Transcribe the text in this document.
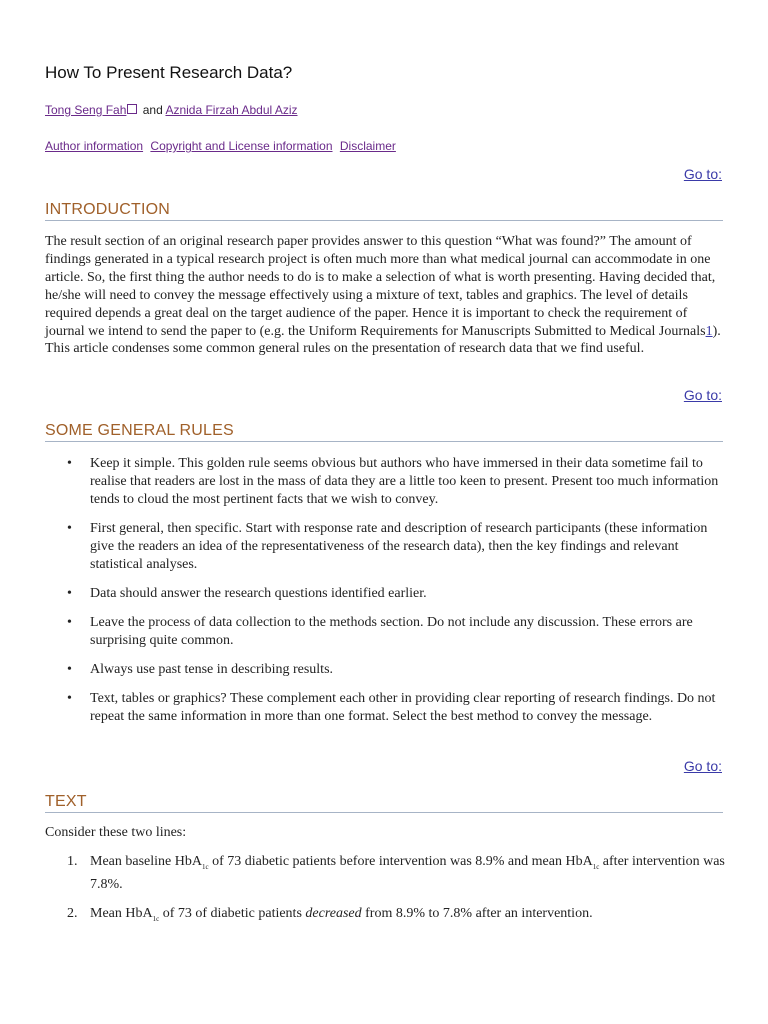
How To Present Research Data?
Tong Seng Fah and Aznida Firzah Abdul Aziz
Author information Copyright and License information Disclaimer
Go to:
INTRODUCTION

The result section of an original research paper provides answer to this question “What was found?” The amount of findings generated in a typical research project is often much more than what medical journal can accommodate in one article. So, the first thing the author needs to do is to make a selection of what is worth presenting. Having decided that, he/she will need to convey the message effectively using a mixture of text, tables and graphics. The level of details required depends a great deal on the target audience of the paper. Hence it is important to check the requirement of journal we intend to send the paper to (e.g. the Uniform Requirements for Manuscripts Submitted to Medical Journals1). This article condenses some common general rules on the presentation of research data that we find useful.

Go to:
SOME GENERAL RULES
• Keep it simple. This golden rule seems obvious but authors who have immersed in their data sometime fail to realise that readers are lost in the mass of data they are a little too keen to present. Present too much information tends to cloud the most pertinent facts that we wish to convey.
• First general, then specific. Start with response rate and description of research participants (these information give the readers an idea of the representativeness of the research data), then the key findings and relevant statistical analyses.
• Data should answer the research questions identified earlier.
• Leave the process of data collection to the methods section. Do not include any discussion. These errors are surprising quite common.
• Always use past tense in describing results.
• Text, tables or graphics? These complement each other in providing clear reporting of research findings. Do not repeat the same information in more than one format. Select the best method to convey the message.
Go to:
TEXT

Consider these two lines:

1. Mean baseline HbA$_{1c}$ of 73 diabetic patients before intervention was 8.9% and mean HbA$_{1c}$ after intervention was 7.8%.
2. Mean HbA$_{1c}$ of 73 of diabetic patients decreased from 8.9% to 7.8% after an intervention.
